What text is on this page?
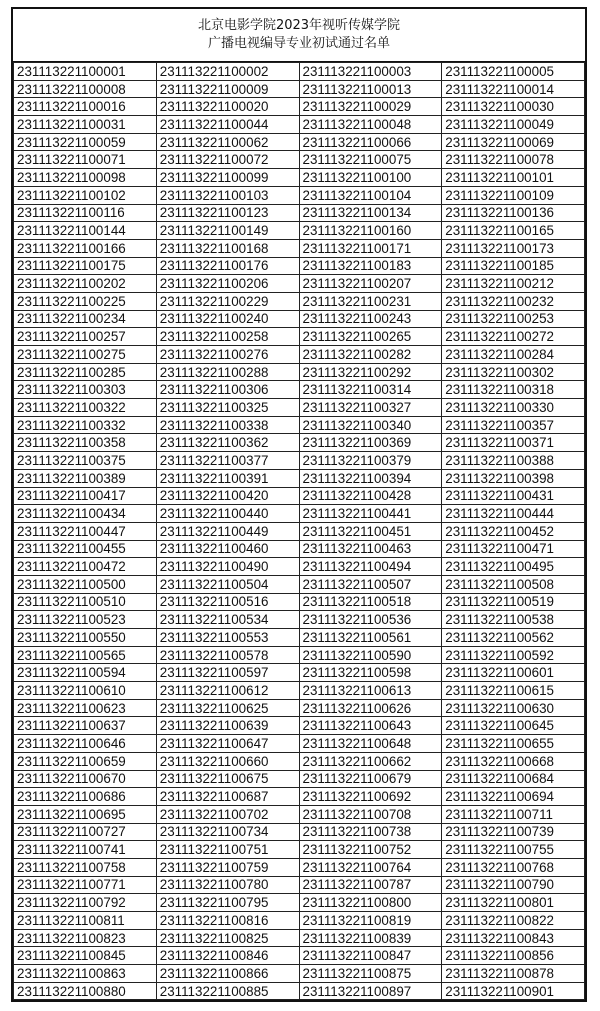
北京电影学院2023年视听传媒学院
广播电视编导专业初试通过名单
231113221100001	231113221100002	231113221100003	231113221100005
231113221100008	231113221100009	231113221100013	231113221100014
231113221100016	231113221100020	231113221100029	231113221100030
231113221100031	231113221100044	231113221100048	231113221100049
231113221100059	231113221100062	231113221100066	231113221100069
231113221100071	231113221100072	231113221100075	231113221100078
231113221100098	231113221100099	231113221100100	231113221100101
231113221100102	231113221100103	231113221100104	231113221100109
231113221100116	231113221100123	231113221100134	231113221100136
231113221100144	231113221100149	231113221100160	231113221100165
231113221100166	231113221100168	231113221100171	231113221100173
231113221100175	231113221100176	231113221100183	231113221100185
231113221100202	231113221100206	231113221100207	231113221100212
231113221100225	231113221100229	231113221100231	231113221100232
231113221100234	231113221100240	231113221100243	231113221100253
231113221100257	231113221100258	231113221100265	231113221100272
231113221100275	231113221100276	231113221100282	231113221100284
231113221100285	231113221100288	231113221100292	231113221100302
231113221100303	231113221100306	231113221100314	231113221100318
231113221100322	231113221100325	231113221100327	231113221100330
231113221100332	231113221100338	231113221100340	231113221100357
231113221100358	231113221100362	231113221100369	231113221100371
231113221100375	231113221100377	231113221100379	231113221100388
231113221100389	231113221100391	231113221100394	231113221100398
231113221100417	231113221100420	231113221100428	231113221100431
231113221100434	231113221100440	231113221100441	231113221100444
231113221100447	231113221100449	231113221100451	231113221100452
231113221100455	231113221100460	231113221100463	231113221100471
231113221100472	231113221100490	231113221100494	231113221100495
231113221100500	231113221100504	231113221100507	231113221100508
231113221100510	231113221100516	231113221100518	231113221100519
231113221100523	231113221100534	231113221100536	231113221100538
231113221100550	231113221100553	231113221100561	231113221100562
231113221100565	231113221100578	231113221100590	231113221100592
231113221100594	231113221100597	231113221100598	231113221100601
231113221100610	231113221100612	231113221100613	231113221100615
231113221100623	231113221100625	231113221100626	231113221100630
231113221100637	231113221100639	231113221100643	231113221100645
231113221100646	231113221100647	231113221100648	231113221100655
231113221100659	231113221100660	231113221100662	231113221100668
231113221100670	231113221100675	231113221100679	231113221100684
231113221100686	231113221100687	231113221100692	231113221100694
231113221100695	231113221100702	231113221100708	231113221100711
231113221100727	231113221100734	231113221100738	231113221100739
231113221100741	231113221100751	231113221100752	231113221100755
231113221100758	231113221100759	231113221100764	231113221100768
231113221100771	231113221100780	231113221100787	231113221100790
231113221100792	231113221100795	231113221100800	231113221100801
231113221100811	231113221100816	231113221100819	231113221100822
231113221100823	231113221100825	231113221100839	231113221100843
231113221100845	231113221100846	231113221100847	231113221100856
231113221100863	231113221100866	231113221100875	231113221100878
231113221100880	231113221100885	231113221100897	231113221100901
